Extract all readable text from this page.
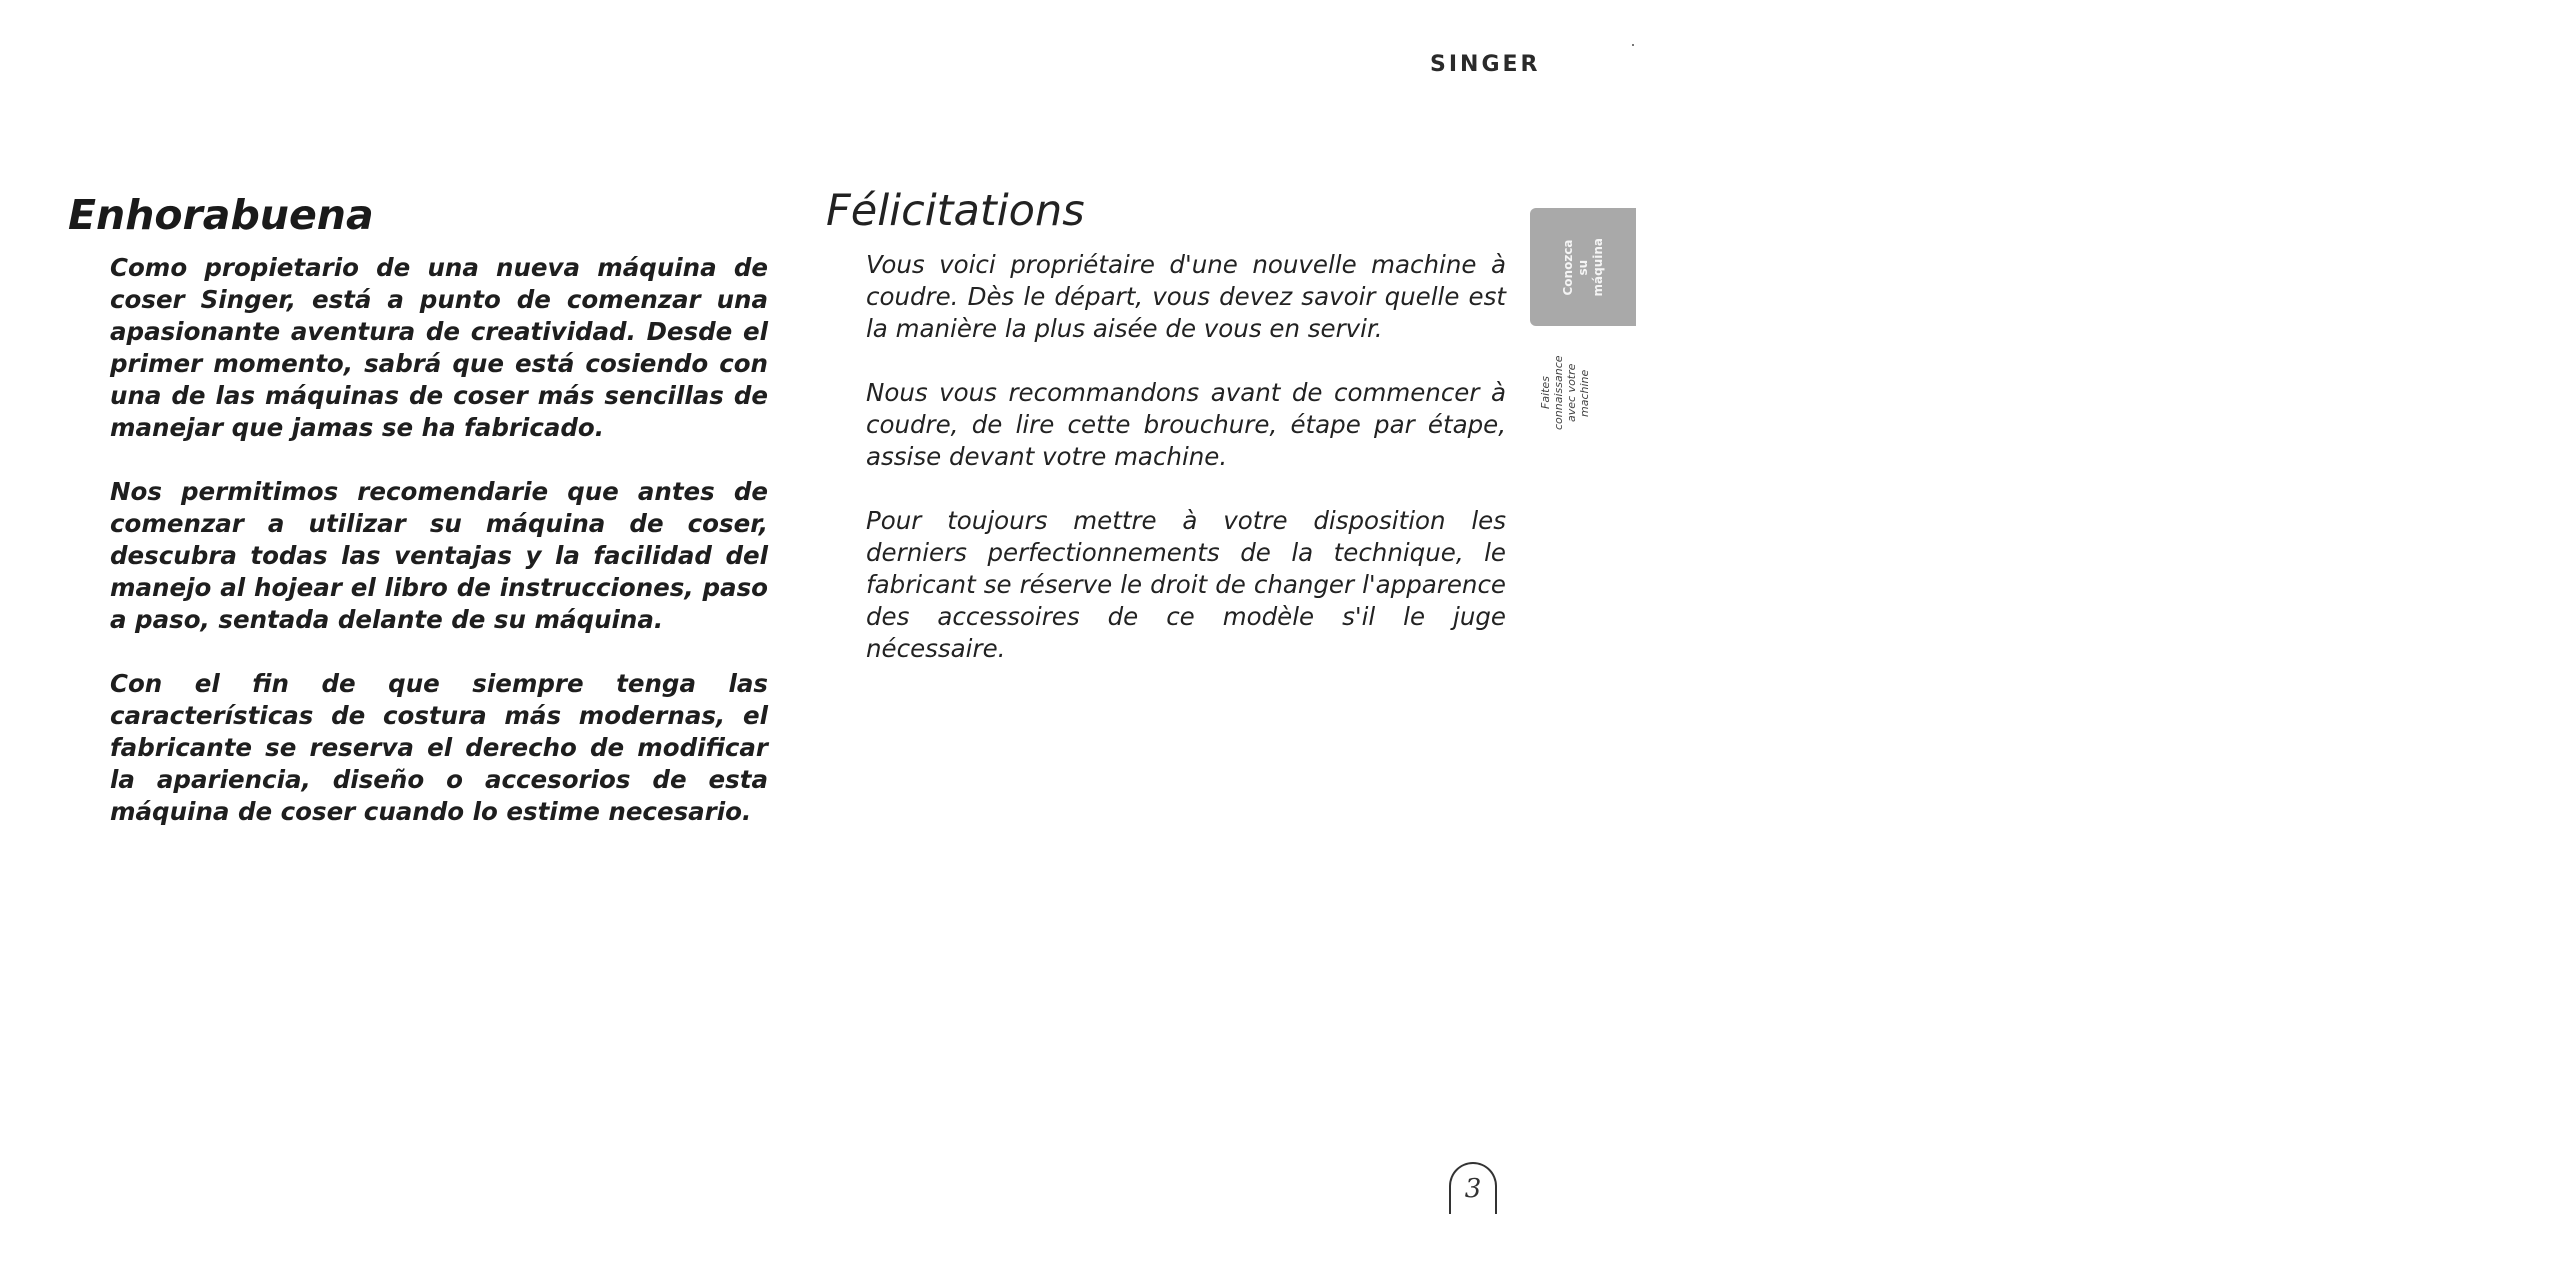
SINGER
Enhorabuena

Como propietario de una nueva máquina de coser Singer, está a punto de comenzar una apasionante aventura de creatividad. Desde el primer momento, sabrá que está cosiendo con una de las máquinas de coser más sencillas de manejar que jamas se ha fabricado.

Nos permitimos recomendarie que antes de comenzar a utilizar su máquina de coser, descubra todas las ventajas y la facilidad del manejo al hojear el libro de instrucciones, paso a paso, sentada delante de su máquina.

Con el fin de que siempre tenga las características de costura más modernas, el fabricante se reserva el derecho de modificar la apariencia, diseño o accesorios de esta máquina de coser cuando lo estime necesario.

Félicitations

Vous voici propriétaire d'une nouvelle machine à coudre. Dès le départ, vous devez savoir quelle est la manière la plus aisée de vous en servir.

Nous vous recommandons avant de commencer à coudre, de lire cette brouchure, étape par étape, assise devant votre machine.

Pour toujours mettre à votre disposition les derniers perfectionnements de la technique, le fabricant se réserve le droit de changer l'apparence des accessoires de ce modèle s'il le juge nécessaire.

Conozca
su
máquina
Faites
connaissance
avec votre
machine
3
